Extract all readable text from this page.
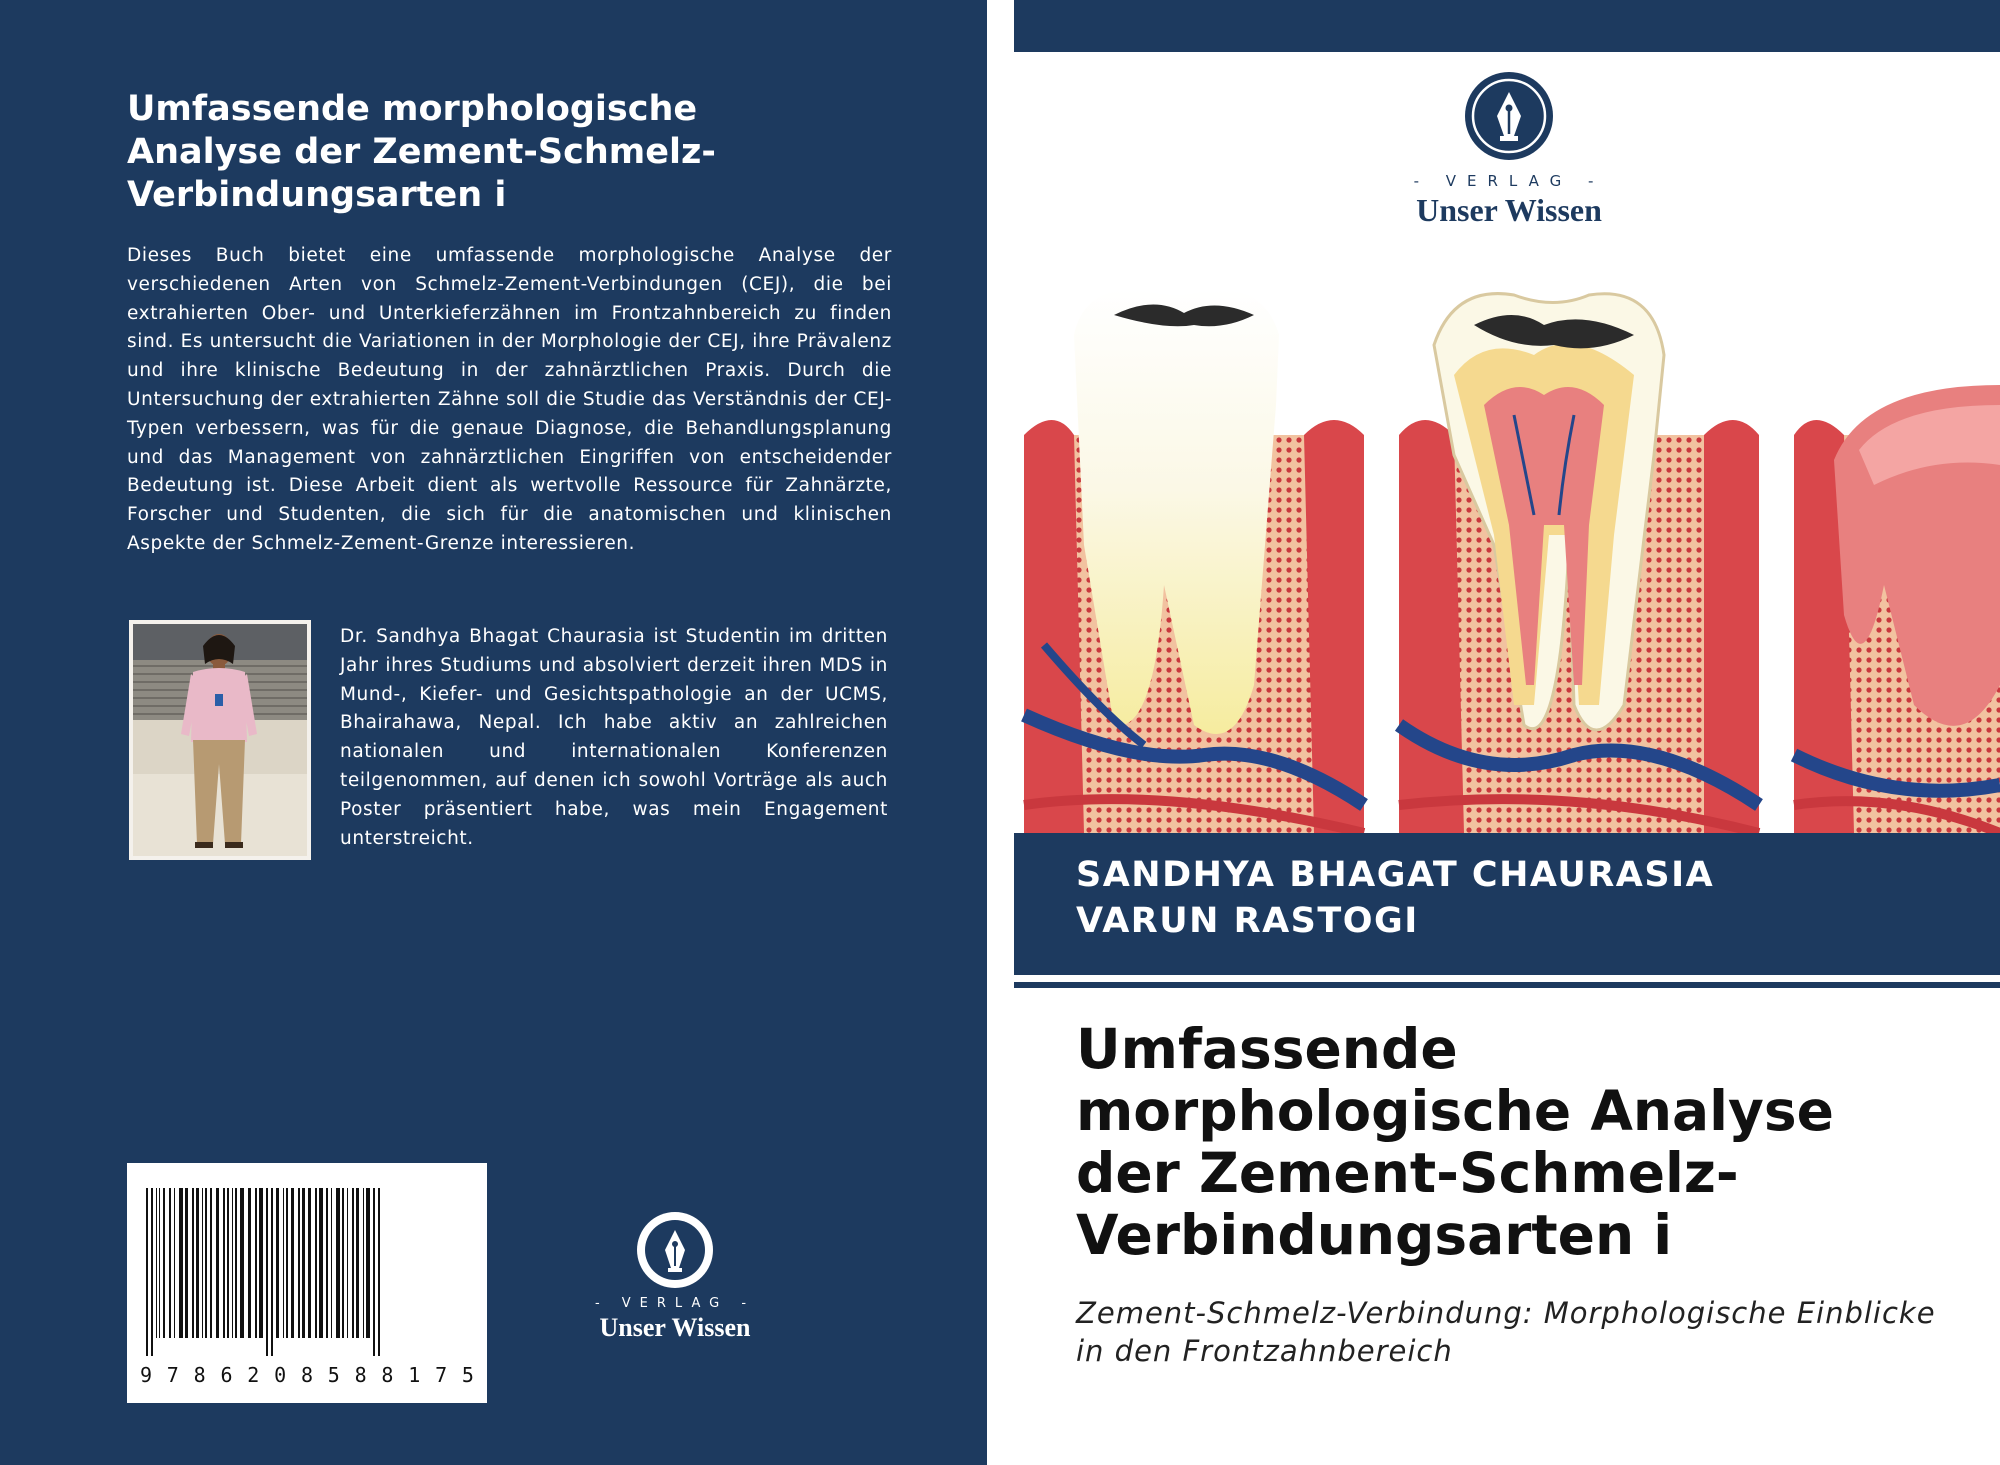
Umfassende morphologische
Analyse der Zement-Schmelz-
Verbindungsarten i

Dieses Buch bietet eine umfassende morphologische Analyse der verschiedenen Arten von Schmelz-Zement-Verbindungen (CEJ), die bei extrahierten Ober- und Unterkieferzähnen im Frontzahnbereich zu finden sind. Es untersucht die Variationen in der Morphologie der CEJ, ihre Prävalenz und ihre klinische Bedeutung in der zahnärztlichen Praxis. Durch die Untersuchung der extrahierten Zähne soll die Studie das Verständnis der CEJ-Typen verbessern, was für die genaue Diagnose, die Behandlungsplanung und das Management von zahnärztlichen Eingriffen von entscheidender Bedeutung ist. Diese Arbeit dient als wertvolle Ressource für Zahnärzte, Forscher und Studenten, die sich für die anatomischen und klinischen Aspekte der Schmelz-Zement-Grenze interessieren.

Dr. Sandhya Bhagat Chaurasia ist Studentin im dritten Jahr ihres Studiums und absolviert derzeit ihren MDS in Mund-, Kiefer- und Gesichtspathologie an der UCMS, Bhairahawa, Nepal. Ich habe aktiv an zahlreichen nationalen und internationalen Konferenzen teilgenommen, auf denen ich sowohl Vorträge als auch Poster präsentiert habe, was mein Engagement unterstreicht.

9 7 8 6 2 0 8 5 8 8 1 7 5
- VERLAG -
Unser Wissen
- VERLAG -
Unser Wissen
SANDHYA BHAGAT CHAURASIA
VARUN RASTOGI
Umfassende
morphologische Analyse
der Zement-Schmelz-
Verbindungsarten i

Zement-Schmelz-Verbindung: Morphologische Einblicke in den Frontzahnbereich
